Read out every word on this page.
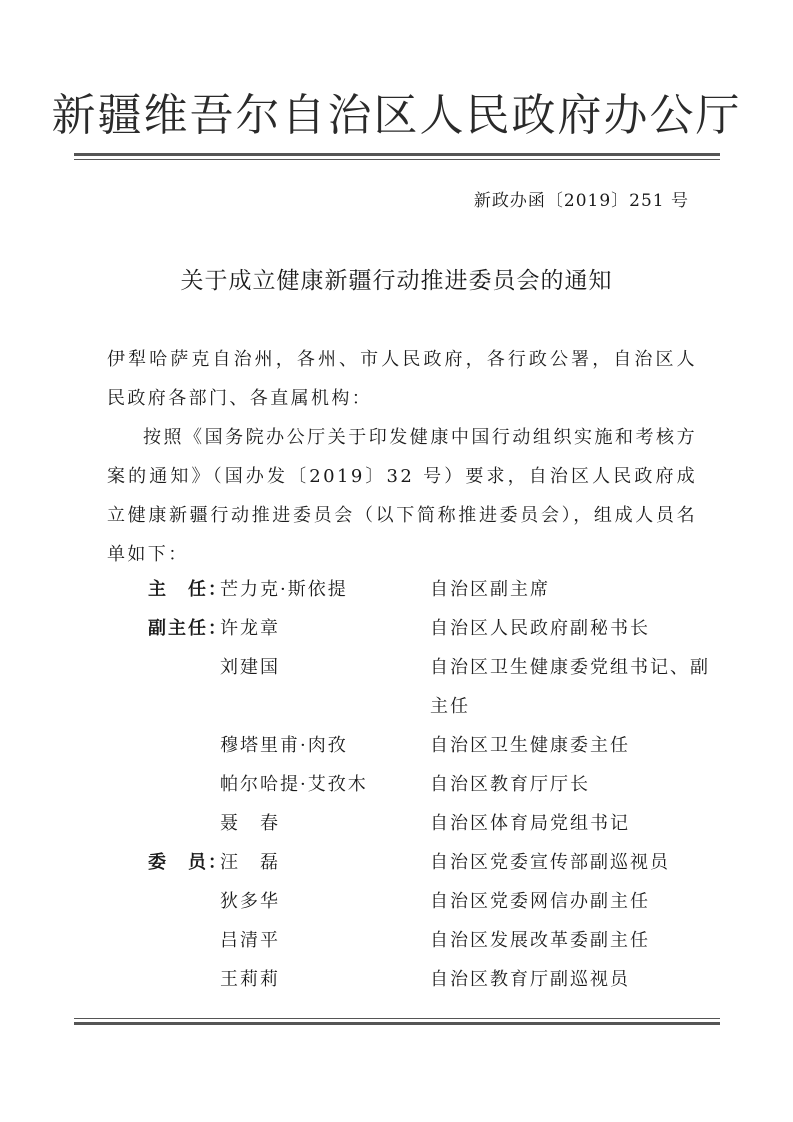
新疆维吾尔自治区人民政府办公厅
新政办函〔2019〕251 号
关于成立健康新疆行动推进委员会的通知

伊犁哈萨克自治州，各州、市人民政府，各行政公署，自治区人民政府各部门、各直属机构：

按照《国务院办公厅关于印发健康中国行动组织实施和考核方案的通知》（国办发〔2019〕32 号）要求，自治区人民政府成立健康新疆行动推进委员会（以下简称推进委员会），组成人员名单如下：

主　任：
芒力克·斯依提	自治区副主席
副主任：
许龙章	自治区人民政府副秘书长
刘建国	自治区卫生健康委党组书记、副主任
穆塔里甫·肉孜	自治区卫生健康委主任
帕尔哈提·艾孜木	自治区教育厅厅长
聂　春	自治区体育局党组书记
委　员：
汪　磊	自治区党委宣传部副巡视员
狄多华	自治区党委网信办副主任
吕清平	自治区发展改革委副主任
王莉莉	自治区教育厅副巡视员
